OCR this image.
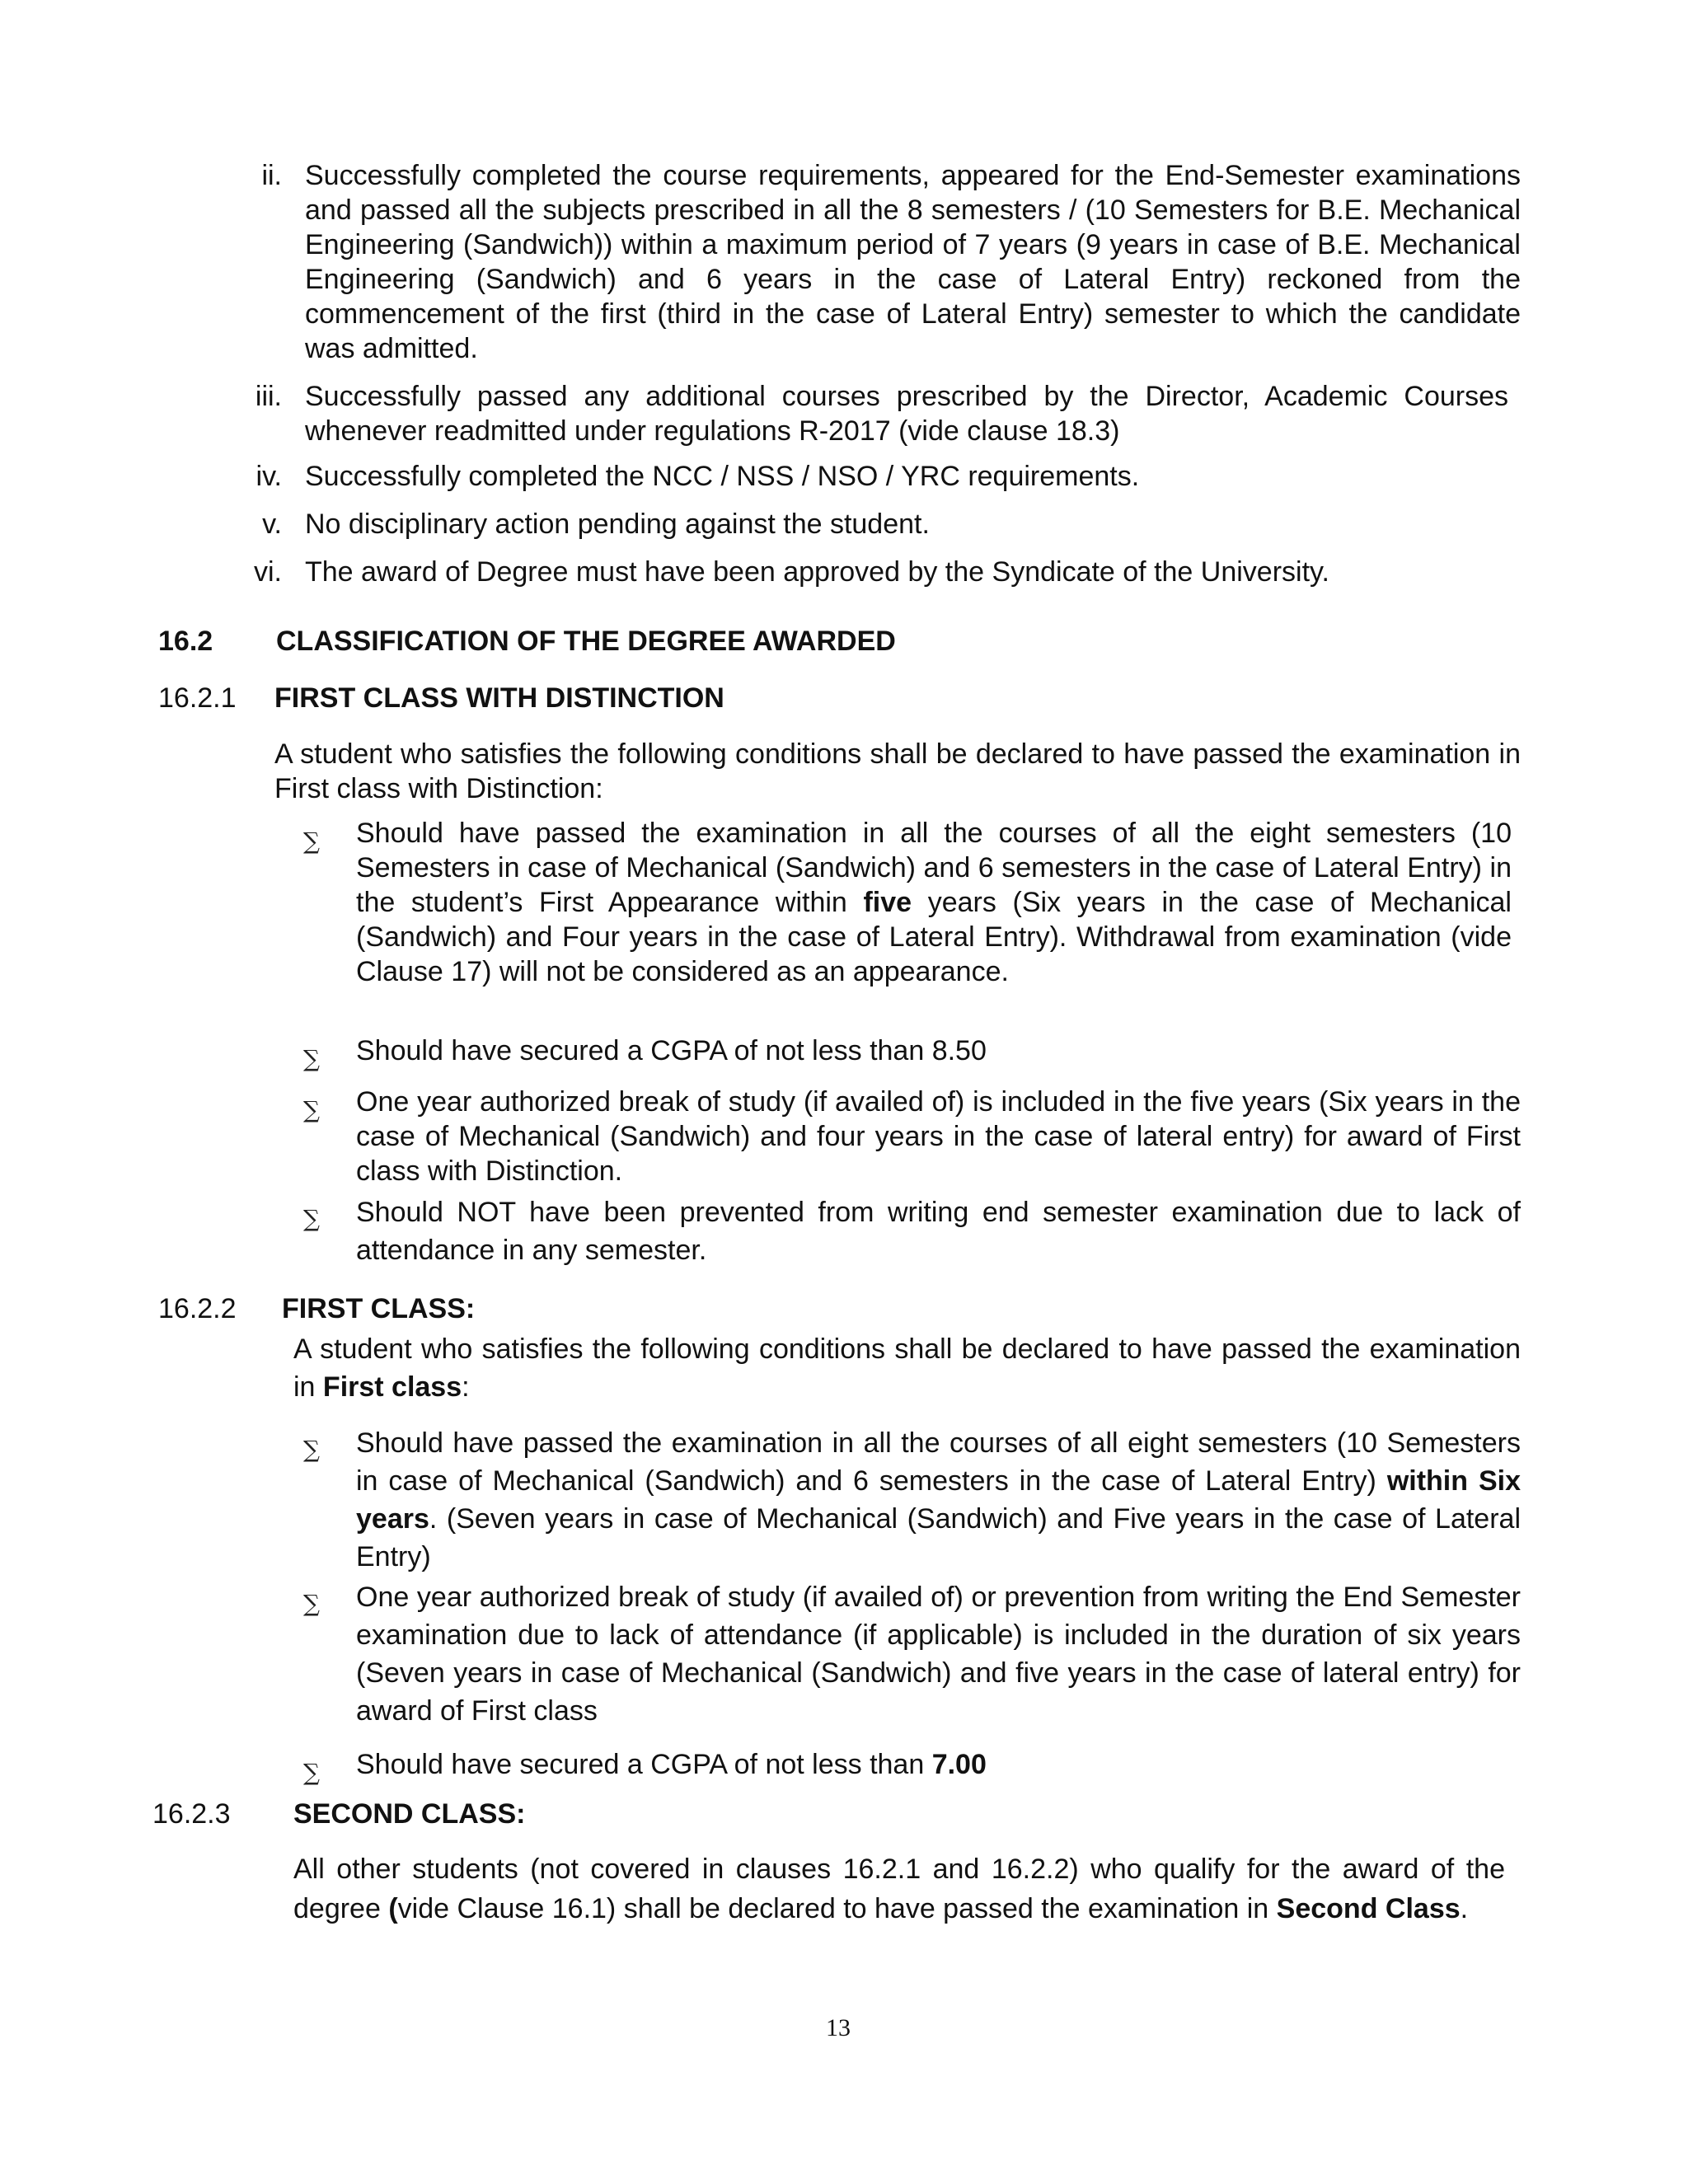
ii. Successfully completed the course requirements, appeared for the End-Semester examinations and passed all the subjects prescribed in all the 8 semesters / (10 Semesters for B.E. Mechanical Engineering (Sandwich)) within a maximum period of 7 years (9 years in case of B.E. Mechanical Engineering (Sandwich) and 6 years in the case of Lateral Entry) reckoned from the commencement of the first (third in the case of Lateral Entry) semester to which the candidate was admitted.
iii. Successfully passed any additional courses prescribed by the Director, Academic Courses whenever readmitted under regulations R-2017 (vide clause 18.3)
iv. Successfully completed the NCC / NSS / NSO / YRC requirements.
v. No disciplinary action pending against the student.
vi. The award of Degree must have been approved by the Syndicate of the University.
16.2 CLASSIFICATION OF THE DEGREE AWARDED
16.2.1 FIRST CLASS WITH DISTINCTION
A student who satisfies the following conditions shall be declared to have passed the examination in First class with Distinction:
∑ Should have passed the examination in all the courses of all the eight semesters (10 Semesters in case of Mechanical (Sandwich) and 6 semesters in the case of Lateral Entry) in the student’s First Appearance within five years (Six years in the case of Mechanical (Sandwich) and Four years in the case of Lateral Entry). Withdrawal from examination (vide Clause 17) will not be considered as an appearance.
∑ Should have secured a CGPA of not less than 8.50
∑ One year authorized break of study (if availed of) is included in the five years (Six years in the case of Mechanical (Sandwich) and four years in the case of lateral entry) for award of First class with Distinction.
∑ Should NOT have been prevented from writing end semester examination due to lack of attendance in any semester.
16.2.2 FIRST CLASS:
A student who satisfies the following conditions shall be declared to have passed the examination in First class:
∑ Should have passed the examination in all the courses of all eight semesters (10 Semesters in case of Mechanical (Sandwich) and 6 semesters in the case of Lateral Entry) within Six years. (Seven years in case of Mechanical (Sandwich) and Five years in the case of Lateral Entry)
∑ One year authorized break of study (if availed of) or prevention from writing the End Semester examination due to lack of attendance (if applicable) is included in the duration of six years (Seven years in case of Mechanical (Sandwich) and five years in the case of lateral entry) for award of First class
∑ Should have secured a CGPA of not less than 7.00
16.2.3 SECOND CLASS:
All other students (not covered in clauses 16.2.1 and 16.2.2) who qualify for the award of the degree (vide Clause 16.1) shall be declared to have passed the examination in Second Class.
13
